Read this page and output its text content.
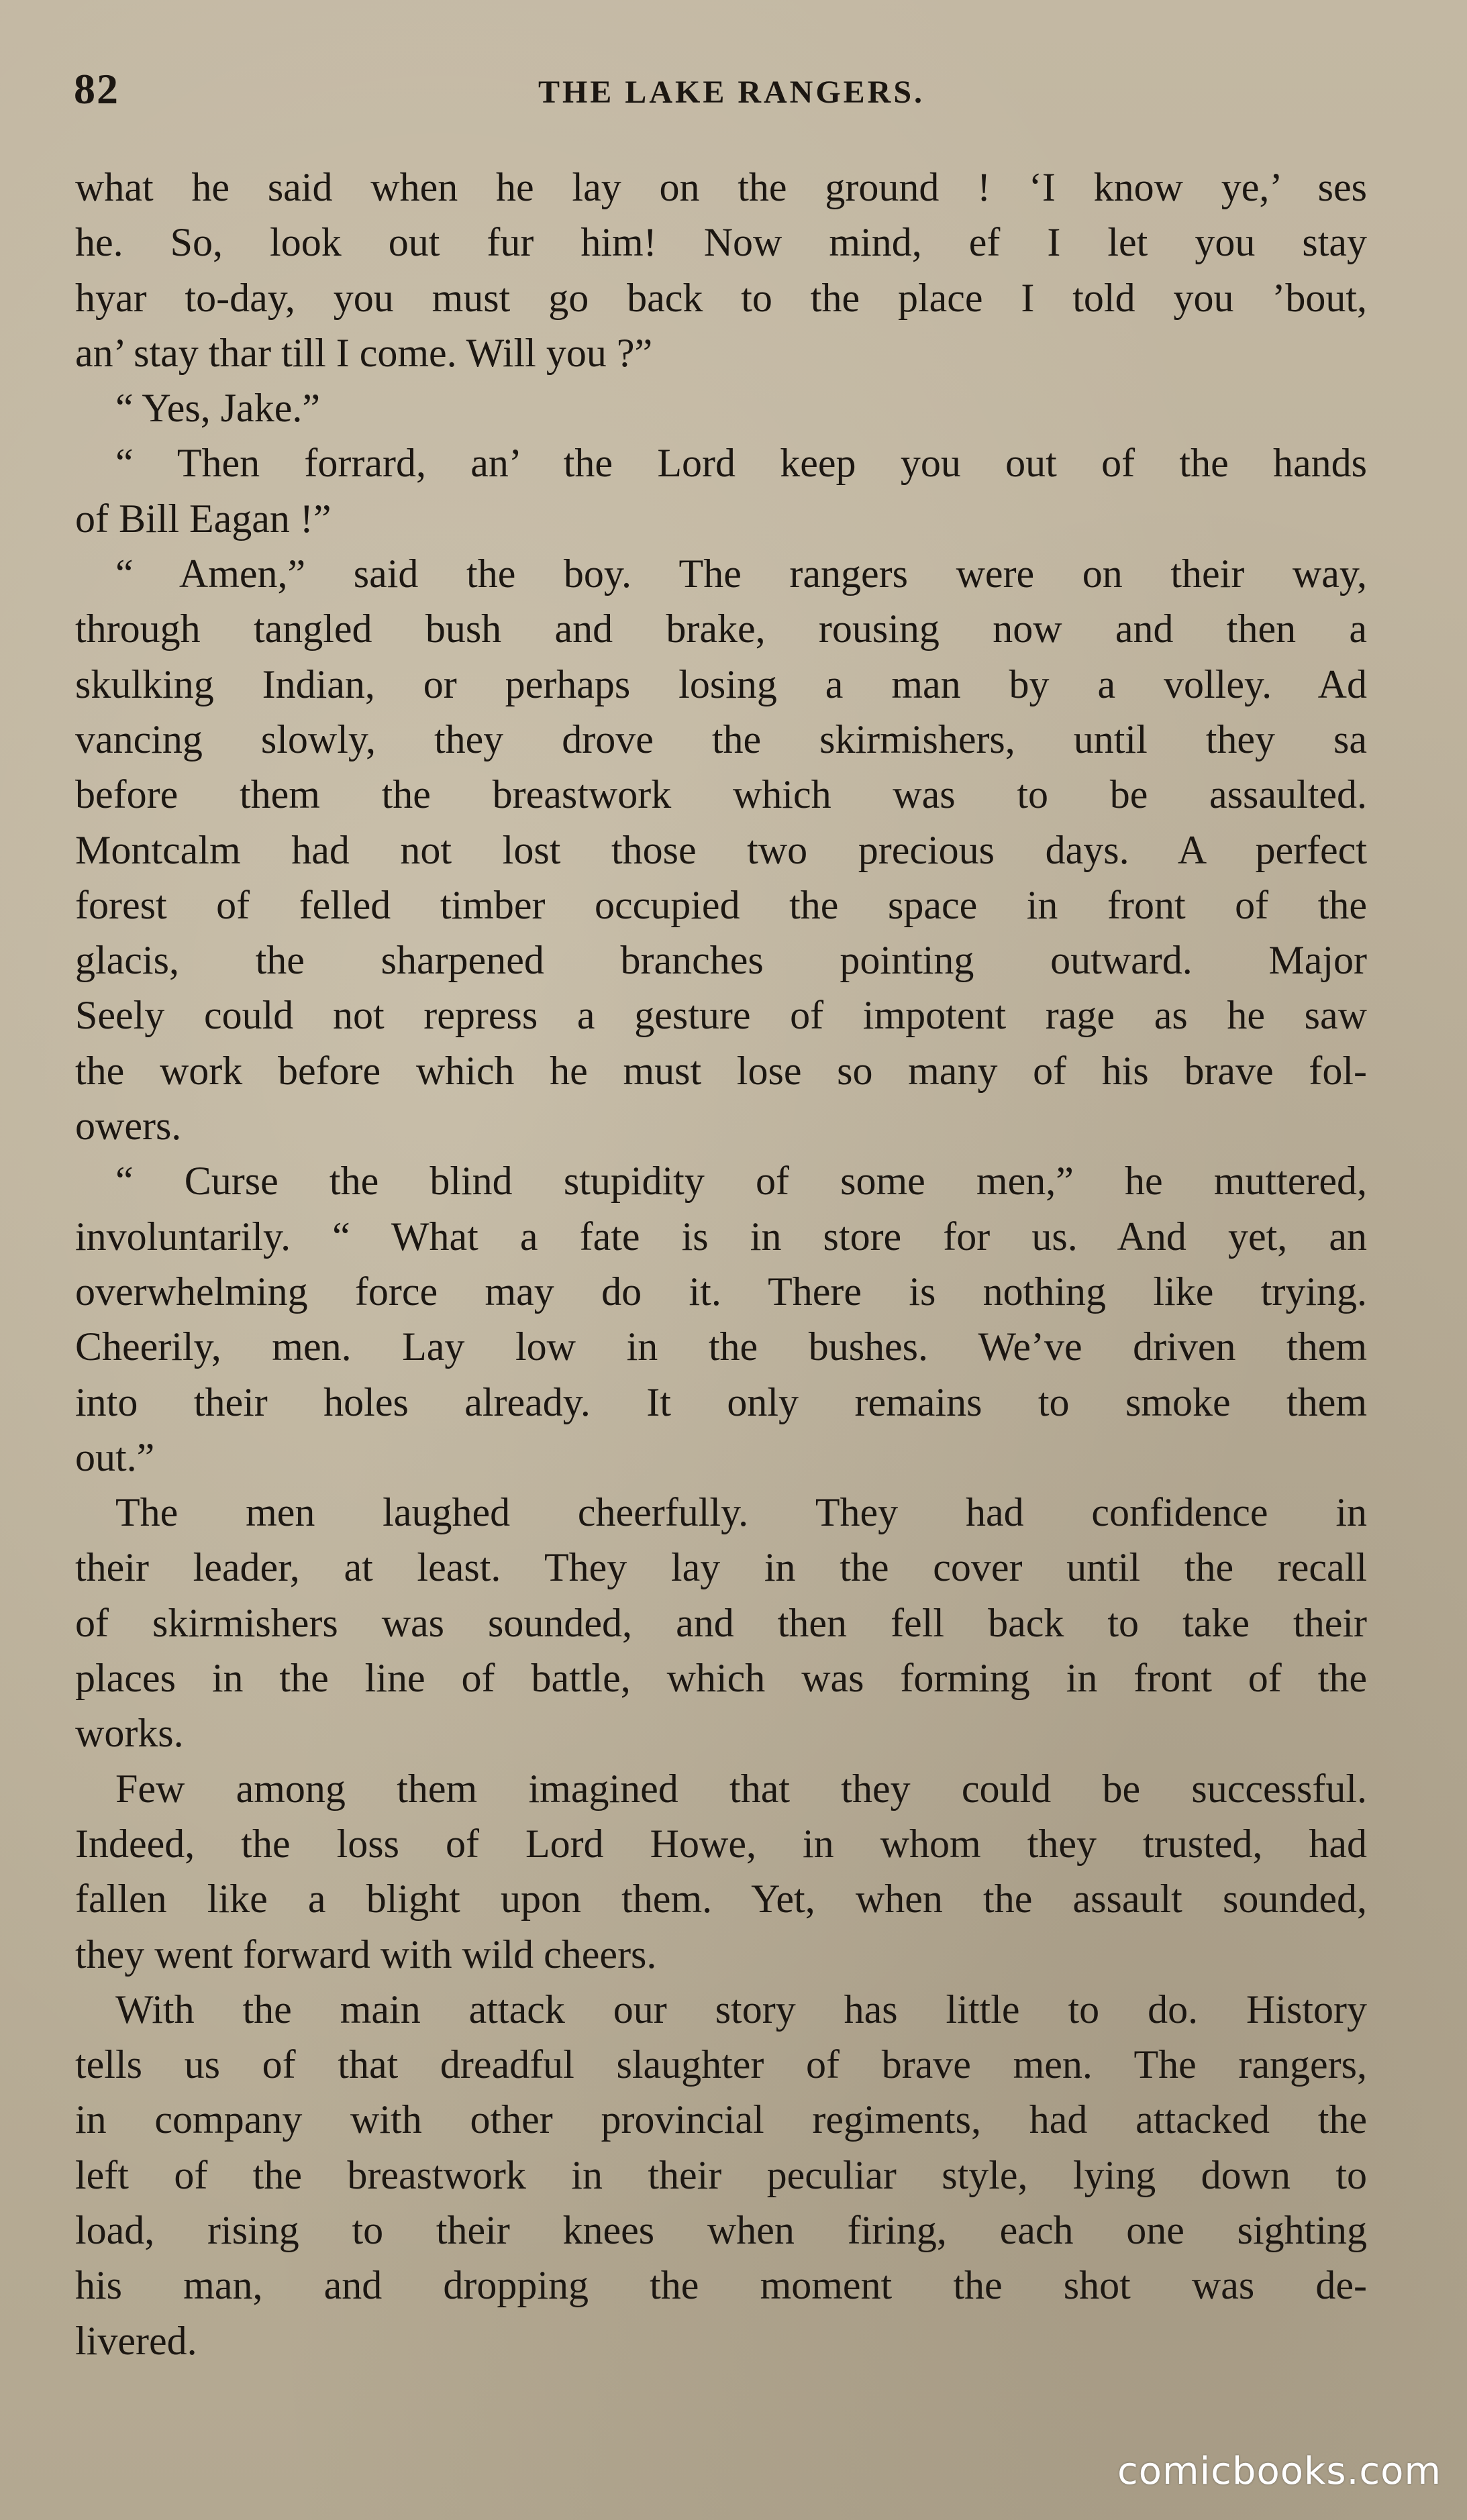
82	THE LAKE RANGERS.
what he said when he lay on the ground ! ‘I know ye,’ ses
he. So, look out fur him! Now mind, ef I let you stay
hyar to-day, you must go back to the place I told you ’bout,
an’ stay thar till I come. Will you ?”
“ Yes, Jake.”
“ Then forrard, an’ the Lord keep you out of the hands
of Bill Eagan !”
“ Amen,” said the boy. The rangers were on their way,
through tangled bush and brake, rousing now and then a
skulking Indian, or perhaps losing a man by a volley. Ad
vancing slowly, they drove the skirmishers, until they sa
before them the breastwork which was to be assaulted.
Montcalm had not lost those two precious days. A perfect
forest of felled timber occupied the space in front of the
glacis, the sharpened branches pointing outward. Major
Seely could not repress a gesture of impotent rage as he saw
the work before which he must lose so many of his brave fol-
owers.
“ Curse the blind stupidity of some men,” he muttered,
involuntarily. “ What a fate is in store for us. And yet, an
overwhelming force may do it. There is nothing like trying.
Cheerily, men. Lay low in the bushes. We’ve driven them
into their holes already. It only remains to smoke them
out.”
The men laughed cheerfully. They had confidence in
their leader, at least. They lay in the cover until the recall
of skirmishers was sounded, and then fell back to take their
places in the line of battle, which was forming in front of the
works.
Few among them imagined that they could be successful.
Indeed, the loss of Lord Howe, in whom they trusted, had
fallen like a blight upon them. Yet, when the assault sounded,
they went forward with wild cheers.
With the main attack our story has little to do. History
tells us of that dreadful slaughter of brave men. The rangers,
in company with other provincial regiments, had attacked the
left of the breastwork in their peculiar style, lying down to
load, rising to their knees when firing, each one sighting
his man, and dropping the moment the shot was de-
livered.
comicbooks.com
